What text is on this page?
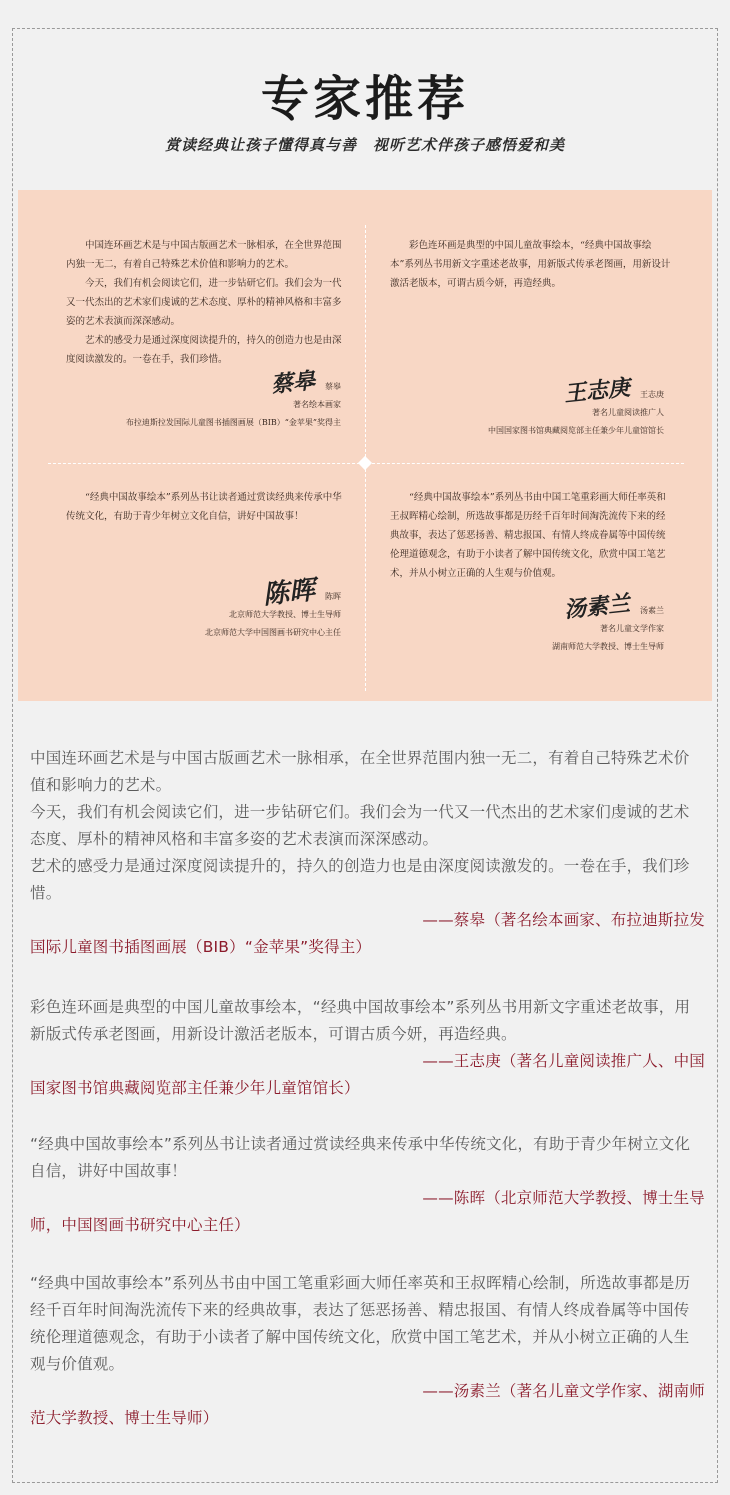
专家推荐
赏读经典让孩子懂得真与善　视听艺术伴孩子感悟爱和美

中国连环画艺术是与中国古版画艺术一脉相承，在全世界范围内独一无二，有着自己特殊艺术价值和影响力的艺术。

今天，我们有机会阅读它们，进一步钻研它们。我们会为一代又一代杰出的艺术家们虔诚的艺术态度、厚朴的精神风格和丰富多姿的艺术表演而深深感动。

艺术的感受力是通过深度阅读提升的，持久的创造力也是由深度阅读激发的。一卷在手，我们珍惜。

蔡皋 蔡皋
著名绘本画家
布拉迪斯拉发国际儿童图书插图画展（BIB）“金苹果”奖得主

彩色连环画是典型的中国儿童故事绘本，“经典中国故事绘本”系列丛书用新文字重述老故事，用新版式传承老图画，用新设计激活老版本，可谓古质今妍，再造经典。

王志庚 王志庚
著名儿童阅读推广人
中国国家图书馆典藏阅览部主任兼少年儿童馆馆长

“经典中国故事绘本”系列丛书让读者通过赏读经典来传承中华传统文化，有助于青少年树立文化自信，讲好中国故事！

陈晖 陈晖
北京师范大学教授、博士生导师
北京师范大学中国图画书研究中心主任

“经典中国故事绘本”系列丛书由中国工笔重彩画大师任率英和王叔晖精心绘制，所选故事都是历经千百年时间淘洗流传下来的经典故事，表达了惩恶扬善、精忠报国、有情人终成眷属等中国传统伦理道德观念，有助于小读者了解中国传统文化，欣赏中国工笔艺术，并从小树立正确的人生观与价值观。

汤素兰 汤素兰
著名儿童文学作家
湖南师范大学教授、博士生导师

中国连环画艺术是与中国古版画艺术一脉相承，在全世界范围内独一无二，有着自己特殊艺术价值和影响力的艺术。

今天，我们有机会阅读它们，进一步钻研它们。我们会为一代又一代杰出的艺术家们虔诚的艺术态度、厚朴的精神风格和丰富多姿的艺术表演而深深感动。

艺术的感受力是通过深度阅读提升的，持久的创造力也是由深度阅读激发的。一卷在手，我们珍惜。

——蔡皋（著名绘本画家、布拉迪斯拉发

国际儿童图书插图画展（BIB）“金苹果”奖得主）

彩色连环画是典型的中国儿童故事绘本，“经典中国故事绘本”系列丛书用新文字重述老故事，用新版式传承老图画，用新设计激活老版本，可谓古质今妍，再造经典。

——王志庚（著名儿童阅读推广人、中国

国家图书馆典藏阅览部主任兼少年儿童馆馆长）

“经典中国故事绘本”系列丛书让读者通过赏读经典来传承中华传统文化，有助于青少年树立文化自信，讲好中国故事！

——陈晖（北京师范大学教授、博士生导

师，中国图画书研究中心主任）

“经典中国故事绘本”系列丛书由中国工笔重彩画大师任率英和王叔晖精心绘制，所选故事都是历经千百年时间淘洗流传下来的经典故事，表达了惩恶扬善、精忠报国、有情人终成眷属等中国传统伦理道德观念，有助于小读者了解中国传统文化，欣赏中国工笔艺术，并从小树立正确的人生观与价值观。

——汤素兰（著名儿童文学作家、湖南师

范大学教授、博士生导师）
